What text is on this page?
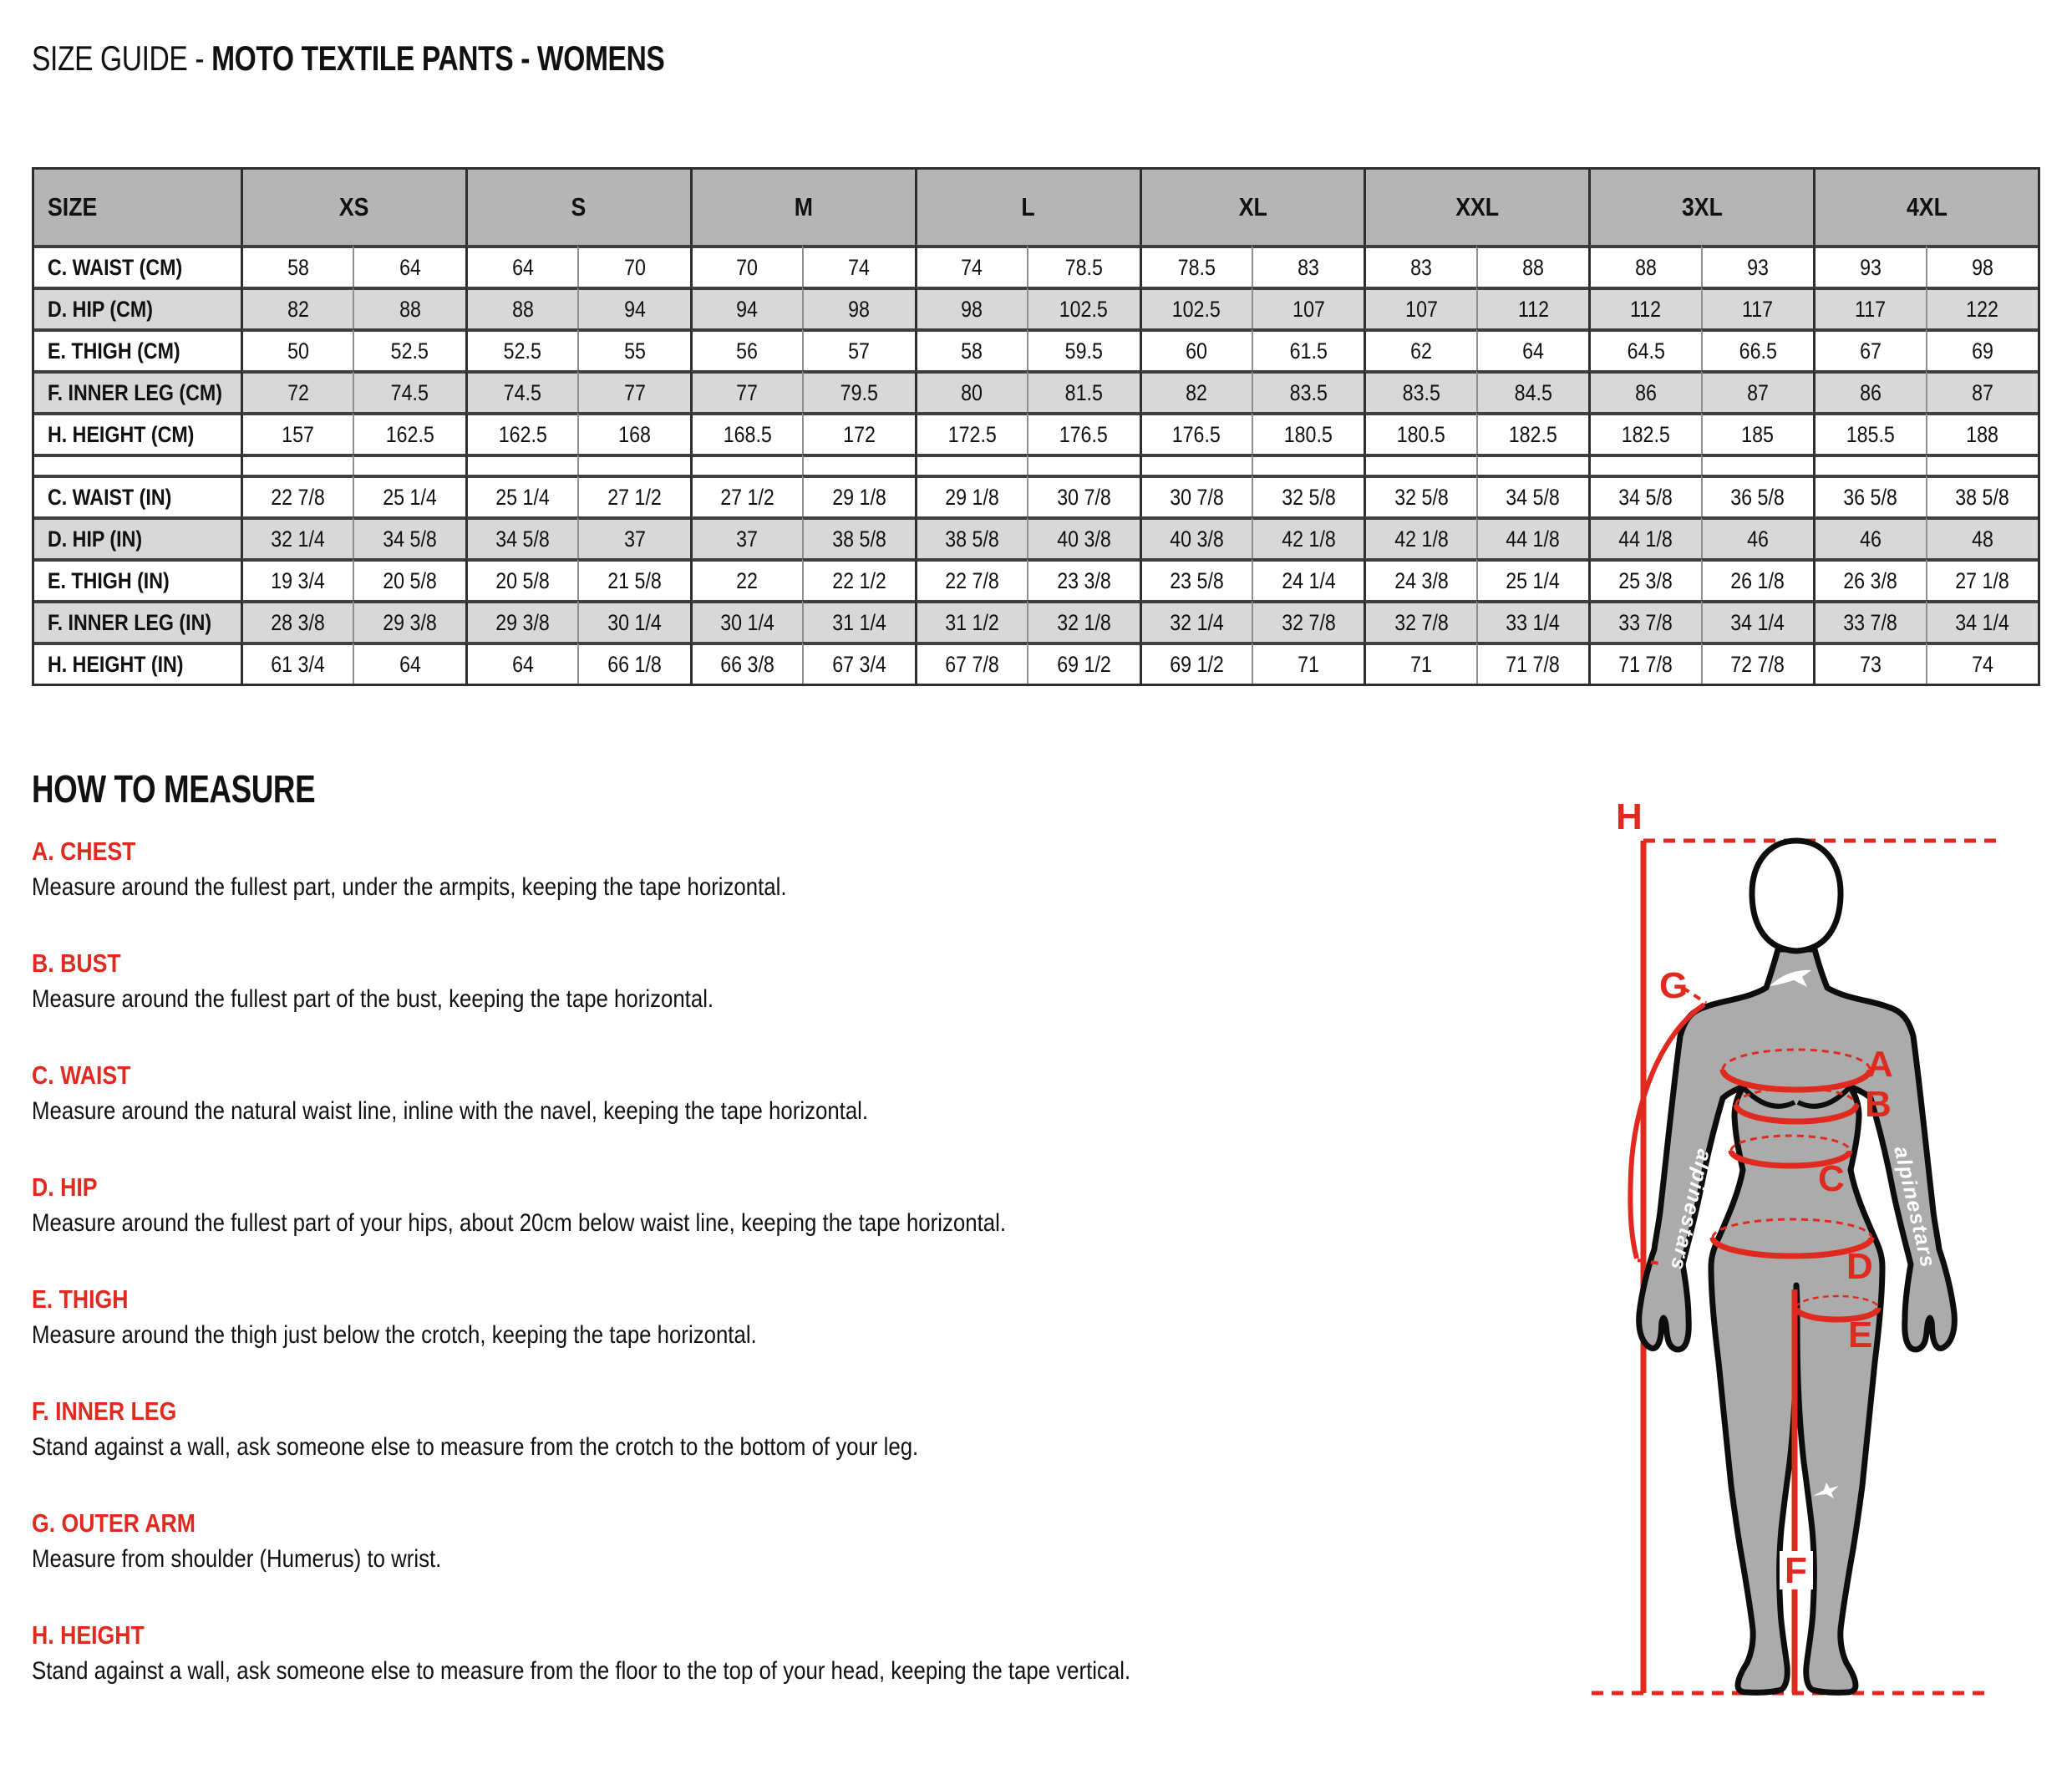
SIZE GUIDE - MOTO TEXTILE PANTS - WOMENS
SIZE	XS	S	M	L	XL	XXL	3XL	4XL
C. WAIST (CM)	58	64	64	70	70	74	74	78.5	78.5	83	83	88	88	93	93	98
D. HIP (CM)	82	88	88	94	94	98	98	102.5	102.5	107	107	112	112	117	117	122
E. THIGH (CM)	50	52.5	52.5	55	56	57	58	59.5	60	61.5	62	64	64.5	66.5	67	69
F. INNER LEG (CM)	72	74.5	74.5	77	77	79.5	80	81.5	82	83.5	83.5	84.5	86	87	86	87
H. HEIGHT (CM)	157	162.5	162.5	168	168.5	172	172.5	176.5	176.5	180.5	180.5	182.5	182.5	185	185.5	188
C. WAIST (IN)	22 7/8	25 1/4	25 1/4	27 1/2	27 1/2	29 1/8	29 1/8	30 7/8	30 7/8	32 5/8	32 5/8	34 5/8	34 5/8	36 5/8	36 5/8	38 5/8
D. HIP (IN)	32 1/4	34 5/8	34 5/8	37	37	38 5/8	38 5/8	40 3/8	40 3/8	42 1/8	42 1/8	44 1/8	44 1/8	46	46	48
E. THIGH (IN)	19 3/4	20 5/8	20 5/8	21 5/8	22	22 1/2	22 7/8	23 3/8	23 5/8	24 1/4	24 3/8	25 1/4	25 3/8	26 1/8	26 3/8	27 1/8
F. INNER LEG (IN)	28 3/8	29 3/8	29 3/8	30 1/4	30 1/4	31 1/4	31 1/2	32 1/8	32 1/4	32 7/8	32 7/8	33 1/4	33 7/8	34 1/4	33 7/8	34 1/4
H. HEIGHT (IN)	61 3/4	64	64	66 1/8	66 3/8	67 3/4	67 7/8	69 1/2	69 1/2	71	71	71 7/8	71 7/8	72 7/8	73	74
HOW TO MEASURE
A. CHEST
Measure around the fullest part, under the armpits, keeping the tape horizontal.
B. BUST
Measure around the fullest part of the bust, keeping the tape horizontal.
C. WAIST
Measure around the natural waist line, inline with the navel, keeping the tape horizontal.
D. HIP
Measure around the fullest part of your hips, about 20cm below waist line, keeping the tape horizontal.
E. THIGH
Measure around the thigh just below the crotch, keeping the tape horizontal.
F. INNER LEG
Stand against a wall, ask someone else to measure from the crotch to the bottom of your leg.
G. OUTER ARM
Measure from shoulder (Humerus) to wrist.
H. HEIGHT
Stand against a wall, ask someone else to measure from the floor to the top of your head, keeping the tape vertical.
alpinestars	alpinestars
H
G
A
B
C
D
E
F
